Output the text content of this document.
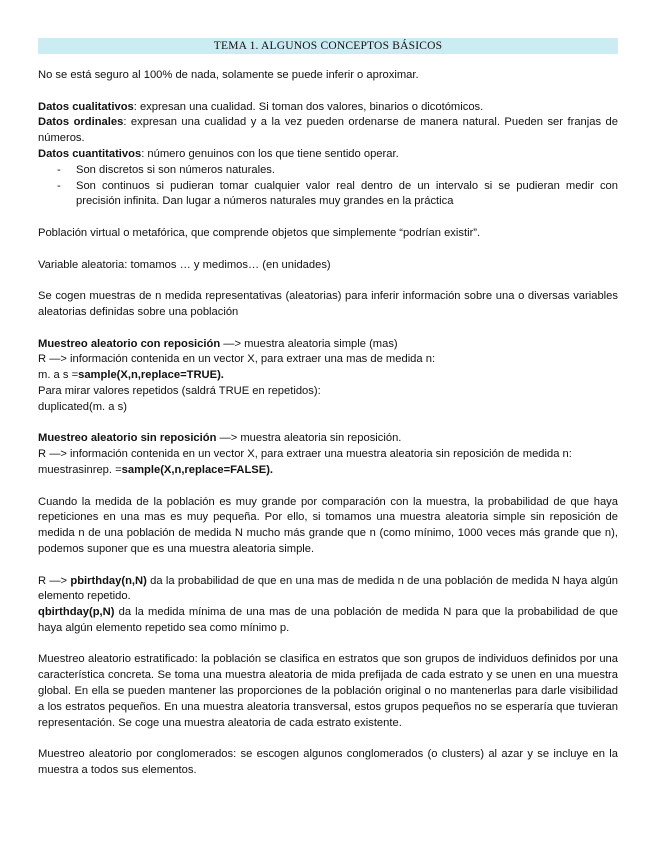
TEMA 1. ALGUNOS CONCEPTOS BÁSICOS

No se está seguro al 100% de nada, solamente se puede inferir o aproximar.

Datos cualitativos: expresan una cualidad. Si toman dos valores, binarios o dicotómicos.

Datos ordinales: expresan una cualidad y a la vez pueden ordenarse de manera natural. Pueden ser franjas de números.

Datos cuantitativos: número genuinos con los que tiene sentido operar.

- Son discretos si son números naturales.
- Son continuos si pudieran tomar cualquier valor real dentro de un intervalo si se pudieran medir con precisión infinita. Dan lugar a números naturales muy grandes en la práctica

Población virtual o metafórica, que comprende objetos que simplemente “podrían existir”.

Variable aleatoria: tomamos … y medimos… (en unidades)

Se cogen muestras de n medida representativas (aleatorias) para inferir información sobre una o diversas variables aleatorias definidas sobre una población

Muestreo aleatorio con reposición —> muestra aleatoria simple (mas)

R —> información contenida en un vector X, para extraer una mas de medida n:

m. a s =sample(X,n,replace=TRUE).

Para mirar valores repetidos (saldrá TRUE en repetidos):

duplicated(m. a s)

Muestreo aleatorio sin reposición —> muestra aleatoria sin reposición.

R —> información contenida en un vector X, para extraer una muestra aleatoria sin reposición de medida n:

muestrasinrep. =sample(X,n,replace=FALSE).

Cuando la medida de la población es muy grande por comparación con la muestra, la probabilidad de que haya repeticiones en una mas es muy pequeña. Por ello, si tomamos una muestra aleatoria simple sin reposición de medida n de una población de medida N mucho más grande que n (como mínimo, 1000 veces más grande que n), podemos suponer que es una muestra aleatoria simple.

R —> pbirthday(n,N) da la probabilidad de que en una mas de medida n de una población de medida N haya algún elemento repetido.

qbirthday(p,N) da la medida mínima de una mas de una población de medida N para que la probabilidad de que haya algún elemento repetido sea como mínimo p.

Muestreo aleatorio estratificado: la población se clasifica en estratos que son grupos de individuos definidos por una característica concreta. Se toma una muestra aleatoria de mida prefijada de cada estrato y se unen en una muestra global. En ella se pueden mantener las proporciones de la población original o no mantenerlas para darle visibilidad a los estratos pequeños. En una muestra aleatoria transversal, estos grupos pequeños no se esperaría que tuvieran representación. Se coge una muestra aleatoria de cada estrato existente.

Muestreo aleatorio por conglomerados: se escogen algunos conglomerados (o clusters) al azar y se incluye en la muestra a todos sus elementos.
